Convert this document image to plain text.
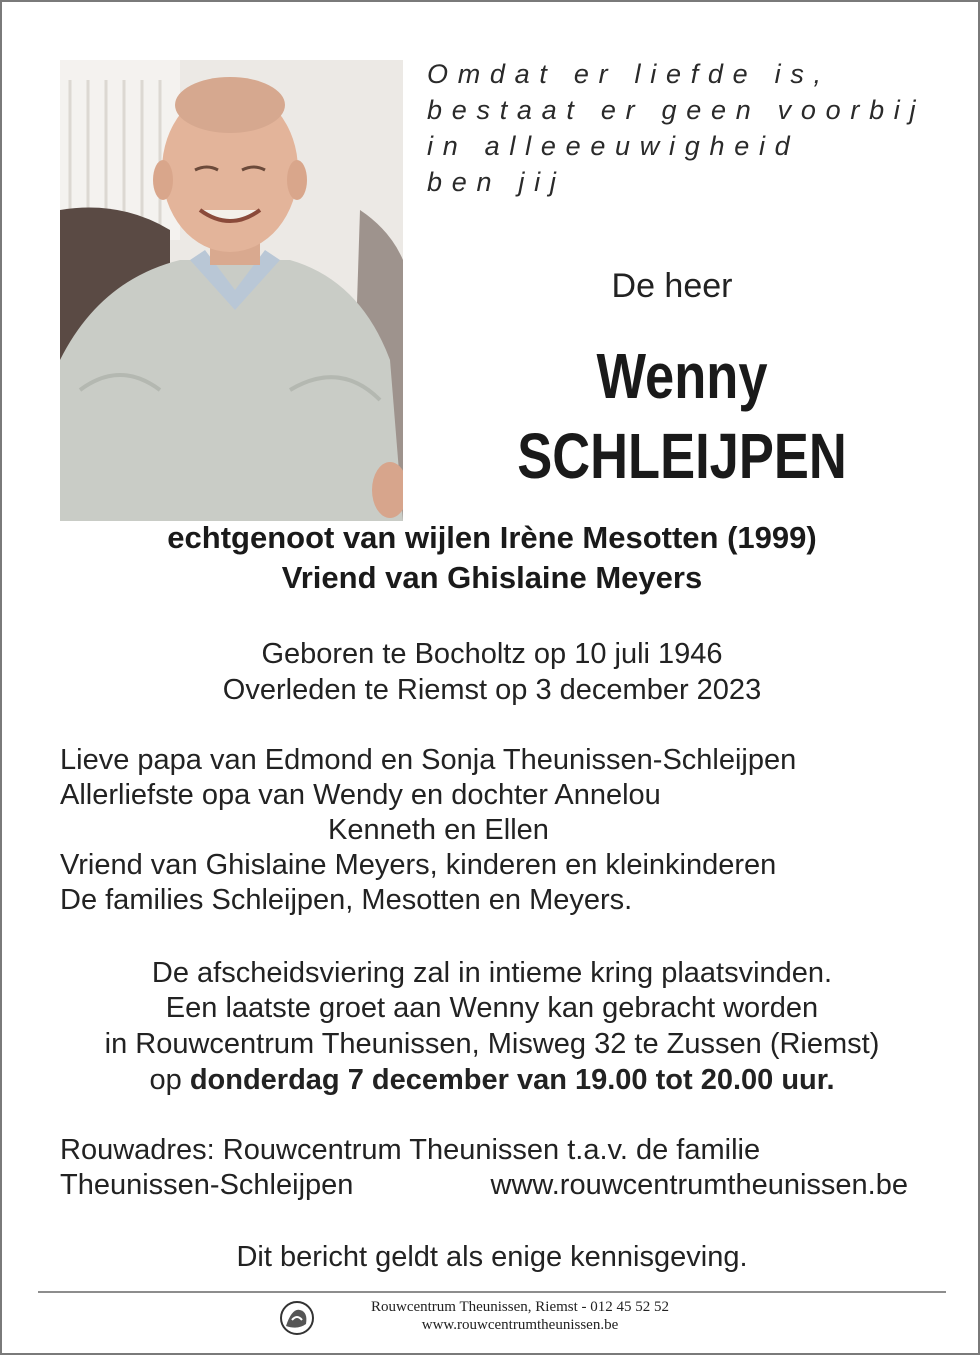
Omdat er liefde is,
bestaat er geen voorbij
in alleeeuwigheid
ben jij
De heer
Wenny
SCHLEIJPEN
echtgenoot van wijlen Irène Mesotten (1999)
Vriend van Ghislaine Meyers
Geboren te Bocholtz op 10 juli 1946
Overleden te Riemst op 3 december 2023
Lieve papa van Edmond en Sonja Theunissen-Schleijpen
Allerliefste opa van Wendy en dochter Annelou
Kenneth en Ellen
Vriend van Ghislaine Meyers, kinderen en kleinkinderen
De families Schleijpen, Mesotten en Meyers.
De afscheidsviering zal in intieme kring plaatsvinden.
Een laatste groet aan Wenny kan gebracht worden
in Rouwcentrum Theunissen, Misweg 32 te Zussen (Riemst)
op donderdag 7 december van 19.00 tot 20.00 uur.
Rouwadres: Rouwcentrum Theunissen t.a.v. de familie
Theunissen-Schleijpen	www.rouwcentrumtheunissen.be
Dit bericht geldt als enige kennisgeving.
Rouwcentrum Theunissen, Riemst - 012 45 52 52
www.rouwcentrumtheunissen.be
